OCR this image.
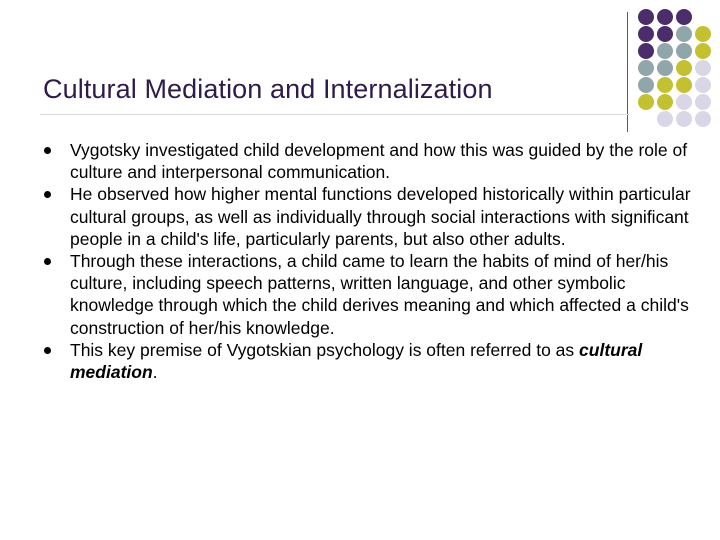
Cultural Mediation and Internalization
Vygotsky investigated child development and how this was guided by the role of culture and interpersonal communication.
He observed how higher mental functions developed historically within particular cultural groups, as well as individually through social interactions with significant people in a child's life, particularly parents, but also other adults.
Through these interactions, a child came to learn the habits of mind of her/his culture, including speech patterns, written language, and other symbolic knowledge through which the child derives meaning and which affected a child's construction of her/his knowledge.
This key premise of Vygotskian psychology is often referred to as cultural mediation.
